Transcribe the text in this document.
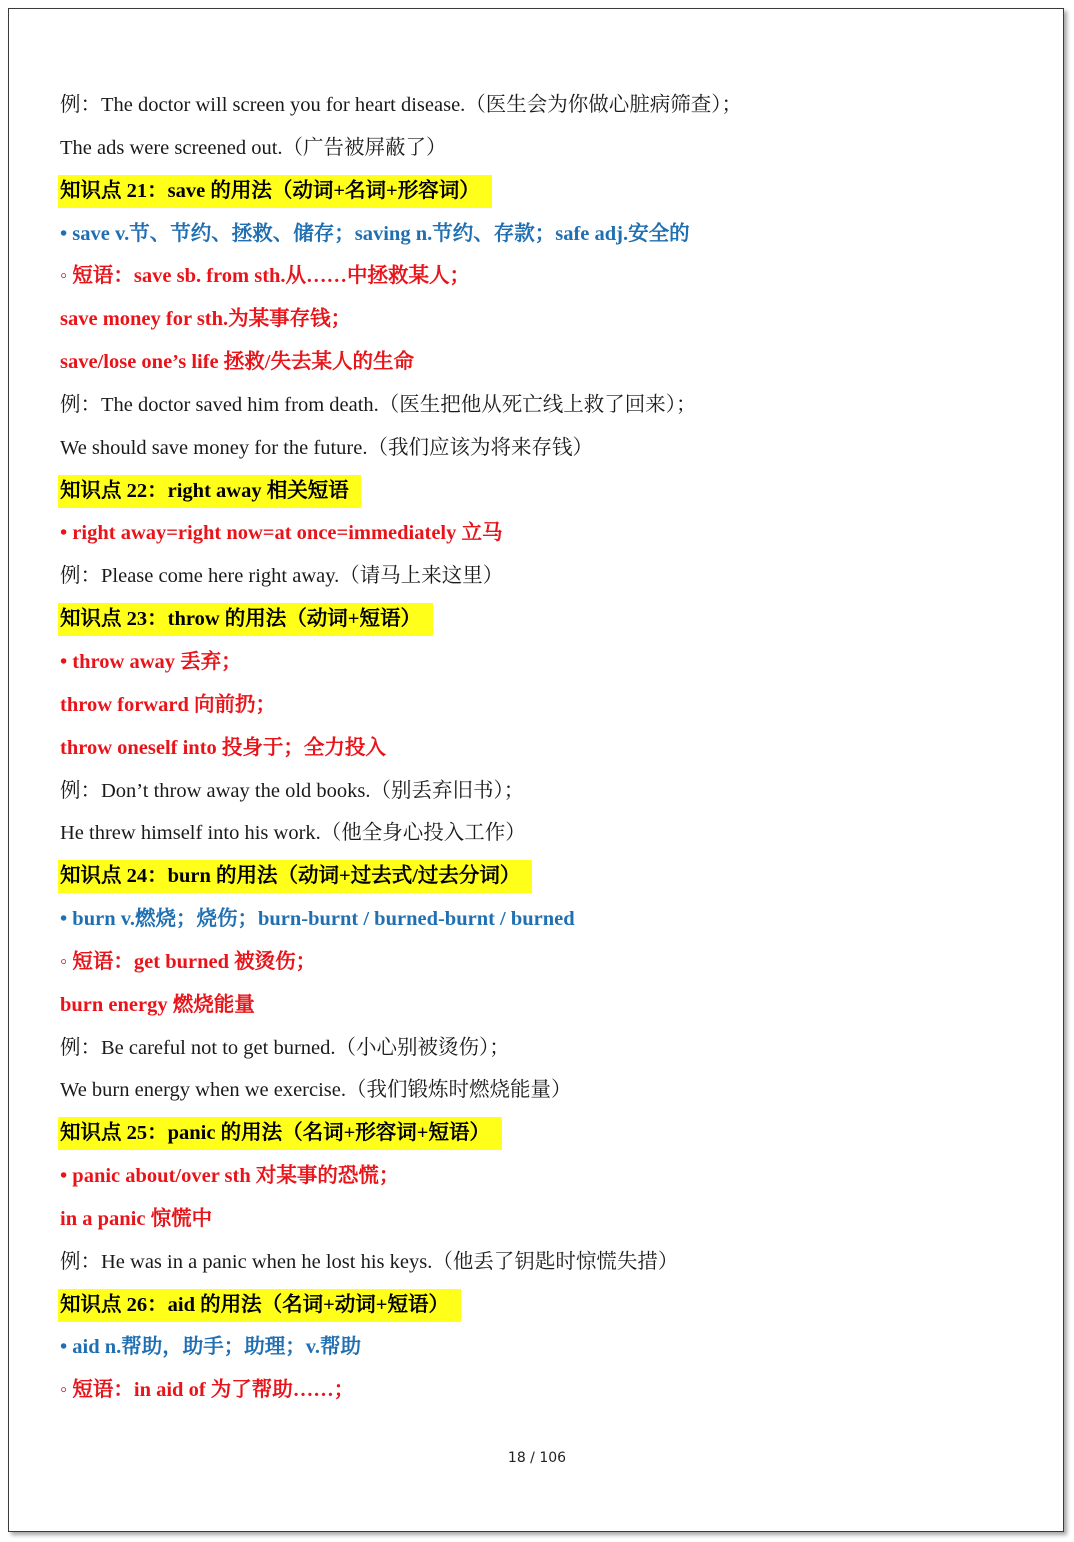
例：The doctor will screen you for heart disease.（医生会为你做心脏病筛查）；
The ads were screened out.（广告被屏蔽了）
知识点 21：save 的用法（动词+名词+形容词）
• save v.节、节约、拯救、储存；saving n.节约、存款；safe adj.安全的
◦ 短语：save sb. from sth.从……中拯救某人；
save money for sth.为某事存钱；
save/lose one’s life 拯救/失去某人的生命
例：The doctor saved him from death.（医生把他从死亡线上救了回来）；
We should save money for the future.（我们应该为将来存钱）
知识点 22：right away 相关短语
• right away=right now=at once=immediately 立马
例：Please come here right away.（请马上来这里）
知识点 23：throw 的用法（动词+短语）
• throw away 丢弃；
throw forward 向前扔；
throw oneself into 投身于；全力投入
例：Don’t throw away the old books.（别丢弃旧书）；
He threw himself into his work.（他全身心投入工作）
知识点 24：burn 的用法（动词+过去式/过去分词）
• burn v.燃烧；烧伤；burn-burnt / burned-burnt / burned
◦ 短语：get burned 被烫伤；
burn energy 燃烧能量
例：Be careful not to get burned.（小心别被烫伤）；
We burn energy when we exercise.（我们锻炼时燃烧能量）
知识点 25：panic 的用法（名词+形容词+短语）
• panic about/over sth 对某事的恐慌；
in a panic 惊慌中
例：He was in a panic when he lost his keys.（他丢了钥匙时惊慌失措）
知识点 26：aid 的用法（名词+动词+短语）
• aid n.帮助，助手；助理；v.帮助
◦ 短语：in aid of 为了帮助……；
18 / 106
